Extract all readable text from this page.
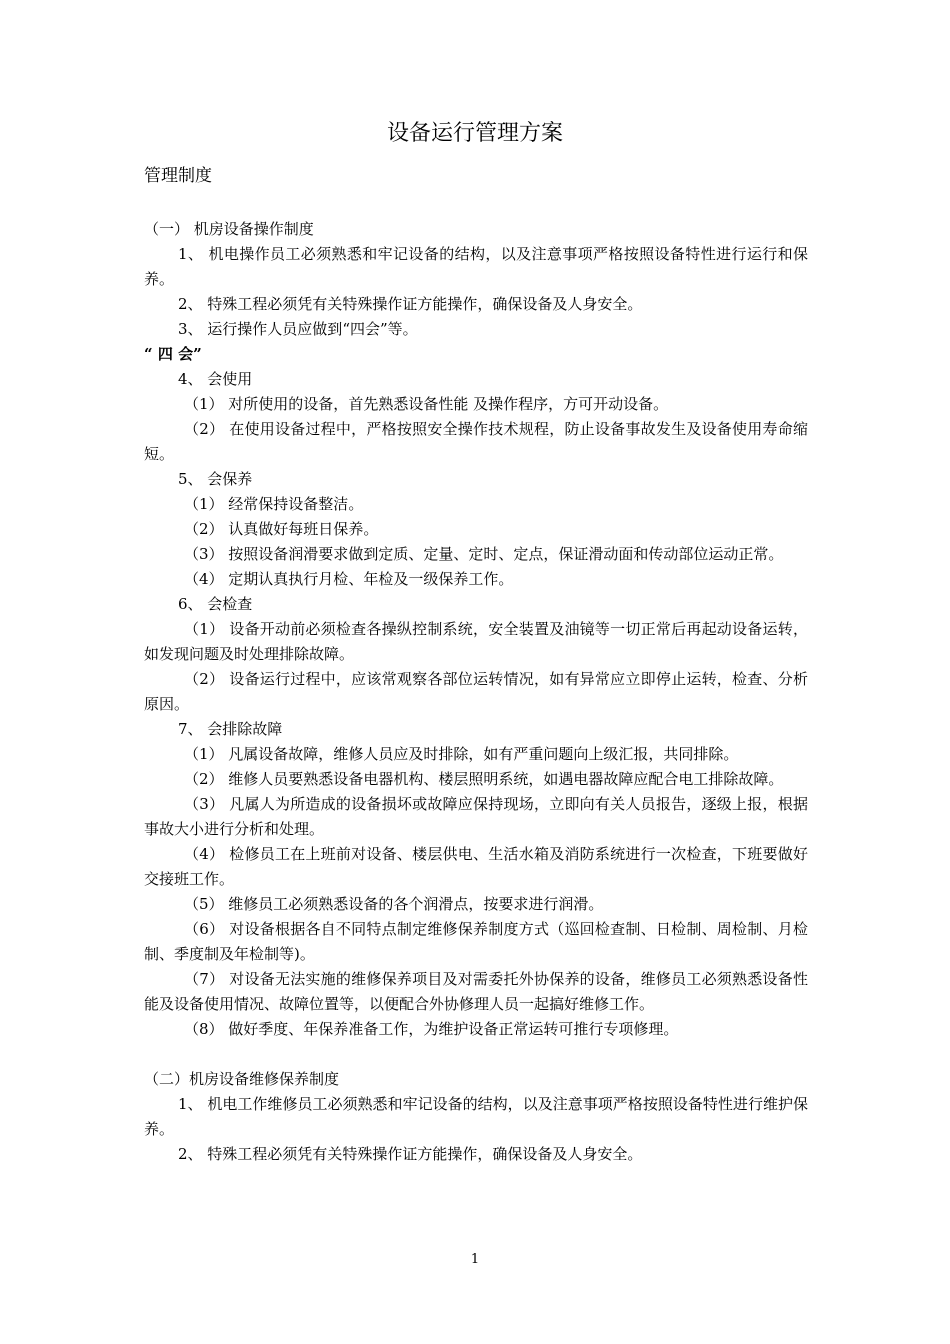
设备运行管理方案
管理制度

（一） 机房设备操作制度

1、 机电操作员工必须熟悉和牢记设备的结构，以及注意事项严格按照设备特性进行运行和保养。

2、 特殊工程必须凭有关特殊操作证方能操作，确保设备及人身安全。

3、 运行操作人员应做到“四会”等。

“ 四 会”

4、 会使用

（1） 对所使用的设备，首先熟悉设备性能 及操作程序，方可开动设备。

（2） 在使用设备过程中，严格按照安全操作技术规程，防止设备事故发生及设备使用寿命缩短。

5、 会保养

（1） 经常保持设备整洁。

（2） 认真做好每班日保养。

（3） 按照设备润滑要求做到定质、定量、定时、定点，保证滑动面和传动部位运动正常。

（4） 定期认真执行月检、年检及一级保养工作。

6、 会检查

（1） 设备开动前必须检查各操纵控制系统，安全装置及油镜等一切正常后再起动设备运转，如发现问题及时处理排除故障。

（2） 设备运行过程中，应该常观察各部位运转情况，如有异常应立即停止运转，检查、分析原因。

7、 会排除故障

（1） 凡属设备故障，维修人员应及时排除，如有严重问题向上级汇报，共同排除。

（2） 维修人员要熟悉设备电器机构、楼层照明系统，如遇电器故障应配合电工排除故障。

（3） 凡属人为所造成的设备损坏或故障应保持现场，立即向有关人员报告，逐级上报，根据事故大小进行分析和处理。

（4） 检修员工在上班前对设备、楼层供电、生活水箱及消防系统进行一次检查，下班要做好交接班工作。

（5） 维修员工必须熟悉设备的各个润滑点，按要求进行润滑。

（6） 对设备根据各自不同特点制定维修保养制度方式（巡回检查制、日检制、周检制、月检制、季度制及年检制等)。

（7） 对设备无法实施的维修保养项目及对需委托外协保养的设备，维修员工必须熟悉设备性能及设备使用情况、故障位置等，以便配合外协修理人员一起搞好维修工作。

（8） 做好季度、年保养准备工作，为维护设备正常运转可推行专项修理。

（二）机房设备维修保养制度

1、 机电工作维修员工必须熟悉和牢记设备的结构，以及注意事项严格按照设备特性进行维护保养。

2、 特殊工程必须凭有关特殊操作证方能操作，确保设备及人身安全。

1
